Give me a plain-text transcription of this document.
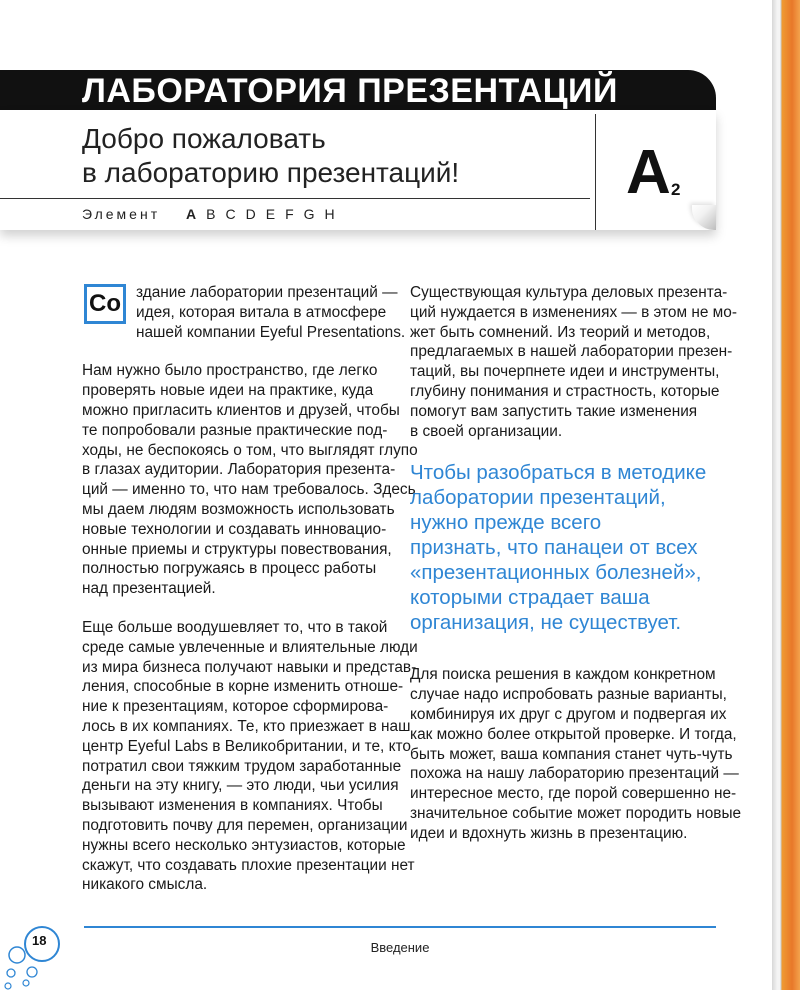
ЛАБОРАТОРИЯ ПРЕЗЕНТАЦИЙ
Добро пожаловать
в лабораторию презентаций!
Элемент A B C D E F G H
A 2

здание лаборатории презентаций —
идея, которая витала в атмосфере
нашей компании Eyeful Presentations.

Нам нужно было пространство, где легко
проверять новые идеи на практике, куда
можно пригласить клиентов и друзей, чтобы
те попробовали разные практические под-
ходы, не беспокоясь о том, что выглядят глупо
в глазах аудитории. Лаборатория презента-
ций — именно то, что нам требовалось. Здесь
мы даем людям возможность использовать
новые технологии и создавать инновацио-
онные приемы и структуры повествования,
полностью погружаясь в процесс работы
над презентацией.

Еще больше воодушевляет то, что в такой
среде самые увлеченные и влиятельные люди
из мира бизнеса получают навыки и представ-
ления, способные в корне изменить отноше-
ние к презентациям, которое сформирова-
лось в их компаниях. Те, кто приезжает в наш
центр Eyeful Labs в Великобритании, и те, кто
потратил свои тяжким трудом заработанные
деньги на эту книгу, — это люди, чьи усилия
вызывают изменения в компаниях. Чтобы
подготовить почву для перемен, организации
нужны всего несколько энтузиастов, которые
скажут, что создавать плохие презентации нет
никакого смысла.

Co	Существующая культура деловых презента-
ций нуждается в изменениях — в этом не мо-
жет быть сомнений. Из теорий и методов,
предлагаемых в нашей лаборатории презен-
таций, вы почерпнете идеи и инструменты,
глубину понимания и страстность, которые
помогут вам запустить такие изменения
в своей организации.

Чтобы разобраться в методике
лаборатории презентаций,
нужно прежде всего
признать, что панацеи от всех
«презентационных болезней»,
которыми страдает ваша
организация, не существует.

Для поиска решения в каждом конкретном
случае надо испробовать разные варианты,
комбинируя их друг с другом и подвергая их
как можно более открытой проверке. И тогда,
быть может, ваша компания станет чуть-чуть
похожа на нашу лабораторию презентаций —
интересное место, где порой совершенно не-
значительное событие может породить новые
идеи и вдохнуть жизнь в презентацию.

18	Введение
